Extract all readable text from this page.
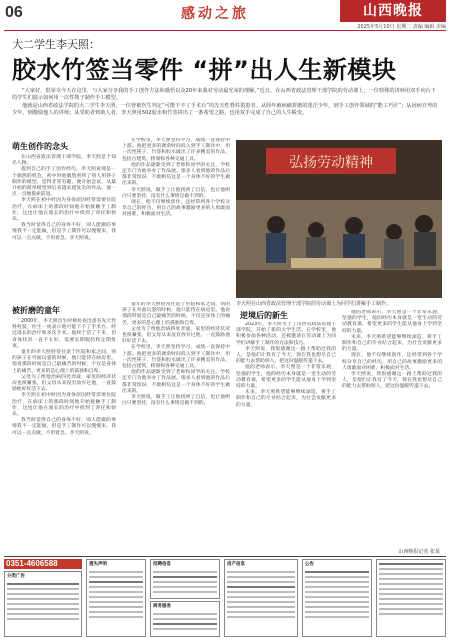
06	感动之旅	山西晚报
2025年5月10日 星期二 责编 编辑 美编
大二学生李天照：
胶水竹签当零件 “拼”出人生新模块

“大家好，很荣幸今天在这里，与大家分享我的手工创作方法和感悟以及20年来我对劳动最光荣的理解。”近日，在山西省政法管理干部学院的劳动课上，一位特殊的讲师用双手向台下的学生们演示如何用一次性筷子制作手工模型。

他就是山西省政法学院的大二学生李天照，一位曾被医生判定“可能下不了手术台”的先天性脊柱裂患者。从简年被病痛折磨的迷茫少年，到手工创作领域的“能工巧匠”；从因病自卑的少年，到激励他人的讲师；从受助者到助人者，李天照用502胶水和竹签拼出了一条希望之路，也用双手完成了自己的人生蜕变。

萌生创作的念头

在山西省政法管理干部学院，李天照是个知名人物。

提到自己的手工创作经历，李天照说那是一个偶然的机会，初中时他偶然看到了别人用筷子制作的模型，觉得非常有趣，便开始尝试，从最开始的简单模型到后来越来越复杂的作品，他一点一点地摸索前进。

李天照在初中时因为身体原因经常需要住院治疗，在病床上的那段时间他开始接触手工制作，这也让他在漫长的治疗中找到了寄托和快乐。

我当时觉得自己的身体不好，别人能做的事情我不一定能做，但是手工制作可以慢慢来，我可以一点点做，不用着急。李天照说。

在学校里，李天照坚持学习，成绩一直保持中上游。他把更多的课余时间投入到手工制作中，用一次性筷子、竹签和胶水做出了许多精美的作品，包括古建筑、桥梁和各种交通工具。

他的作品逐渐受到了老师和同学的关注，学校还专门为他举办了作品展。很多人看到他的作品后都非常惊讶，不敢相信这是一个身体不好的学生做出来的。

李天照说，做手工让他找到了自信，也让他明白只要坚持，没有什么事情是做不到的。

现在，他不仅继续创作，还经常到各个学校分享自己的经历，用自己的故事激励更多的人勇敢面对困难，积极面对生活。

弘扬劳动精神
李天照在山西省政法管理干部学院的劳动课上为同学们讲解手工制作。
被折磨的童年

2000年，李天照出生时被检查出患有先天性脊柱裂，医生一度表示他可能下不了手术台。经过漫长的治疗和多次手术，他终于活了下来，但身体状况一直不太好，需要长期服药和定期复查。

童年的李天照经常往返于医院和家之间，别的孩子在外面玩耍的时候，他只能待在病房里。他说那段时间是自己最痛苦的时候，不仅是身体上的痛苦，更多的是心理上的孤独和自卑。

父母为了给他治病四处奔波，家里的经济状况也很紧张，但父母从来没有放弃过他，一直鼓励他好好活下去。

李天照在初中时因为身体原因经常需要住院治疗，在病床上的那段时间他开始接触手工制作，这也让他在漫长的治疗中找到了寄托和快乐。

我当时觉得自己的身体不好，别人能做的事情我不一定能做，但是手工制作可以慢慢来，我可以一点点做，不用着急。李天照说。

童年的李天照经常往返于医院和家之间，别的孩子在外面玩耍的时候，他只能待在病房里。他说那段时间是自己最痛苦的时候，不仅是身体上的痛苦，更多的是心理上的孤独和自卑。

父母为了给他治病四处奔波，家里的经济状况也很紧张，但父母从来没有放弃过他，一直鼓励他好好活下去。

在学校里，李天照坚持学习，成绩一直保持中上游。他把更多的课余时间投入到手工制作中，用一次性筷子、竹签和胶水做出了许多精美的作品，包括古建筑、桥梁和各种交通工具。

他的作品逐渐受到了老师和同学的关注，学校还专门为他举办了作品展。很多人看到他的作品后都非常惊讶，不敢相信这是一个身体不好的学生做出来的。

李天照说，做手工让他找到了自信，也让他明白只要坚持，没有什么事情是做不到的。

逆境后的新生

2023年，李天照考上了山西省政法管理干部学院，开始了新的大学生活。在学校里，他积极参加各种活动，还被邀请在劳动课上为同学们讲解手工制作的方法和技巧。

李天照说，我很感谢这一路上帮助过我的人，是他们让我有了今天，现在我也想尽自己的能力去帮助别人，把这份温暖传递下去。

他的老师表示，李天照是一个非常乐观、坚强的学生，他的经历本身就是一堂生动的劳动教育课，希望更多的学生能从他身上学到坚持的力量。

未来，李天照希望能够继续深造，将手工制作和自己的专业结合起来，为社会贡献更多的力量。

他的老师表示，李天照是一个非常乐观、坚强的学生，他的经历本身就是一堂生动的劳动教育课，希望更多的学生能从他身上学到坚持的力量。

未来，李天照希望能够继续深造，将手工制作和自己的专业结合起来，为社会贡献更多的力量。

现在，他不仅继续创作，还经常到各个学校分享自己的经历，用自己的故事激励更多的人勇敢面对困难，积极面对生活。

李天照说，我很感谢这一路上帮助过我的人，是他们让我有了今天，现在我也想尽自己的能力去帮助别人，把这份温暖传递下去。

山西晚报记者 张某
0351-4606588
分类广告
遗失声明	招聘信息
商务服务
房产信息	公告
